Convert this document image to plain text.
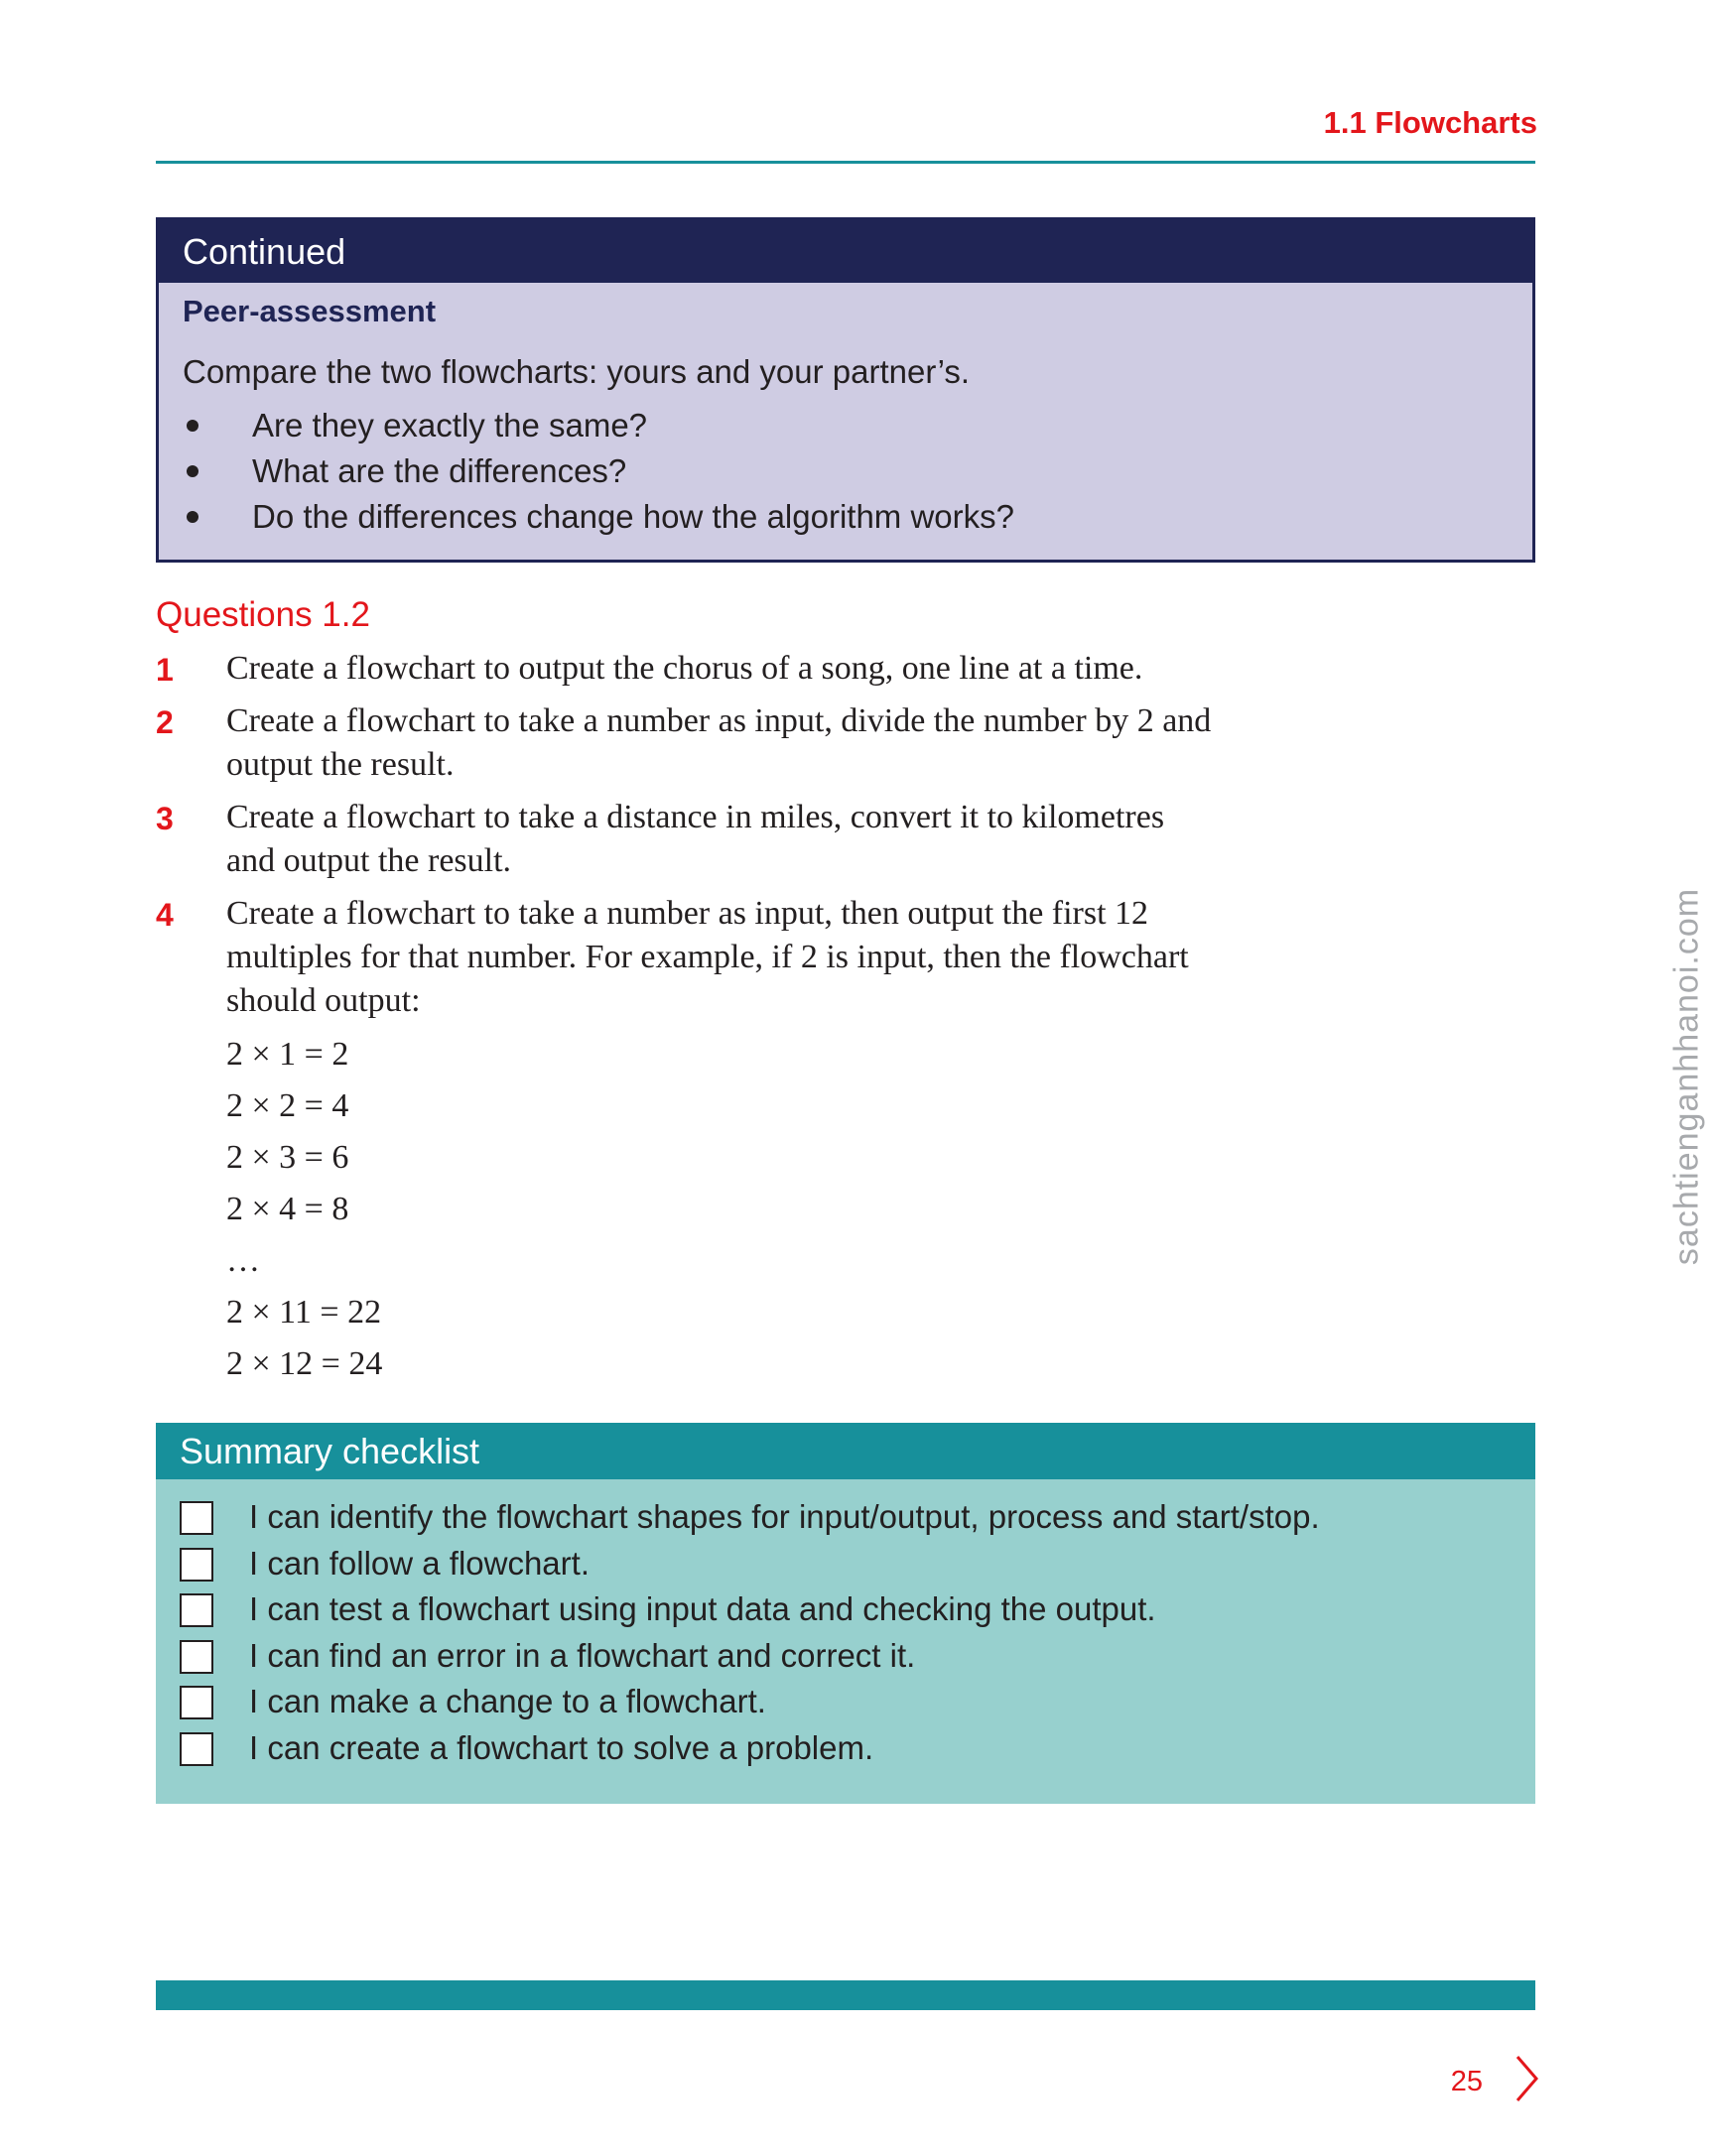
1.1 Flowcharts
Continued
Peer-assessment
Compare the two flowcharts: yours and your partner’s.
Are they exactly the same?
What are the differences?
Do the differences change how the algorithm works?
Questions 1.2
1 Create a flowchart to output the chorus of a song, one line at a time.
2 Create a flowchart to take a number as input, divide the number by 2 and output the result.
3 Create a flowchart to take a distance in miles, convert it to kilometres and output the result.
4 Create a flowchart to take a number as input, then output the first 12 multiples for that number. For example, if 2 is input, then the flowchart should output:
2 × 1 = 2
2 × 2 = 4
2 × 3 = 6
2 × 4 = 8
…
2 × 11 = 22
2 × 12 = 24
Summary checklist
I can identify the flowchart shapes for input/output, process and start/stop.
I can follow a flowchart.
I can test a flowchart using input data and checking the output.
I can find an error in a flowchart and correct it.
I can make a change to a flowchart.
I can create a flowchart to solve a problem.
25
sachtienganhhanoi.com
